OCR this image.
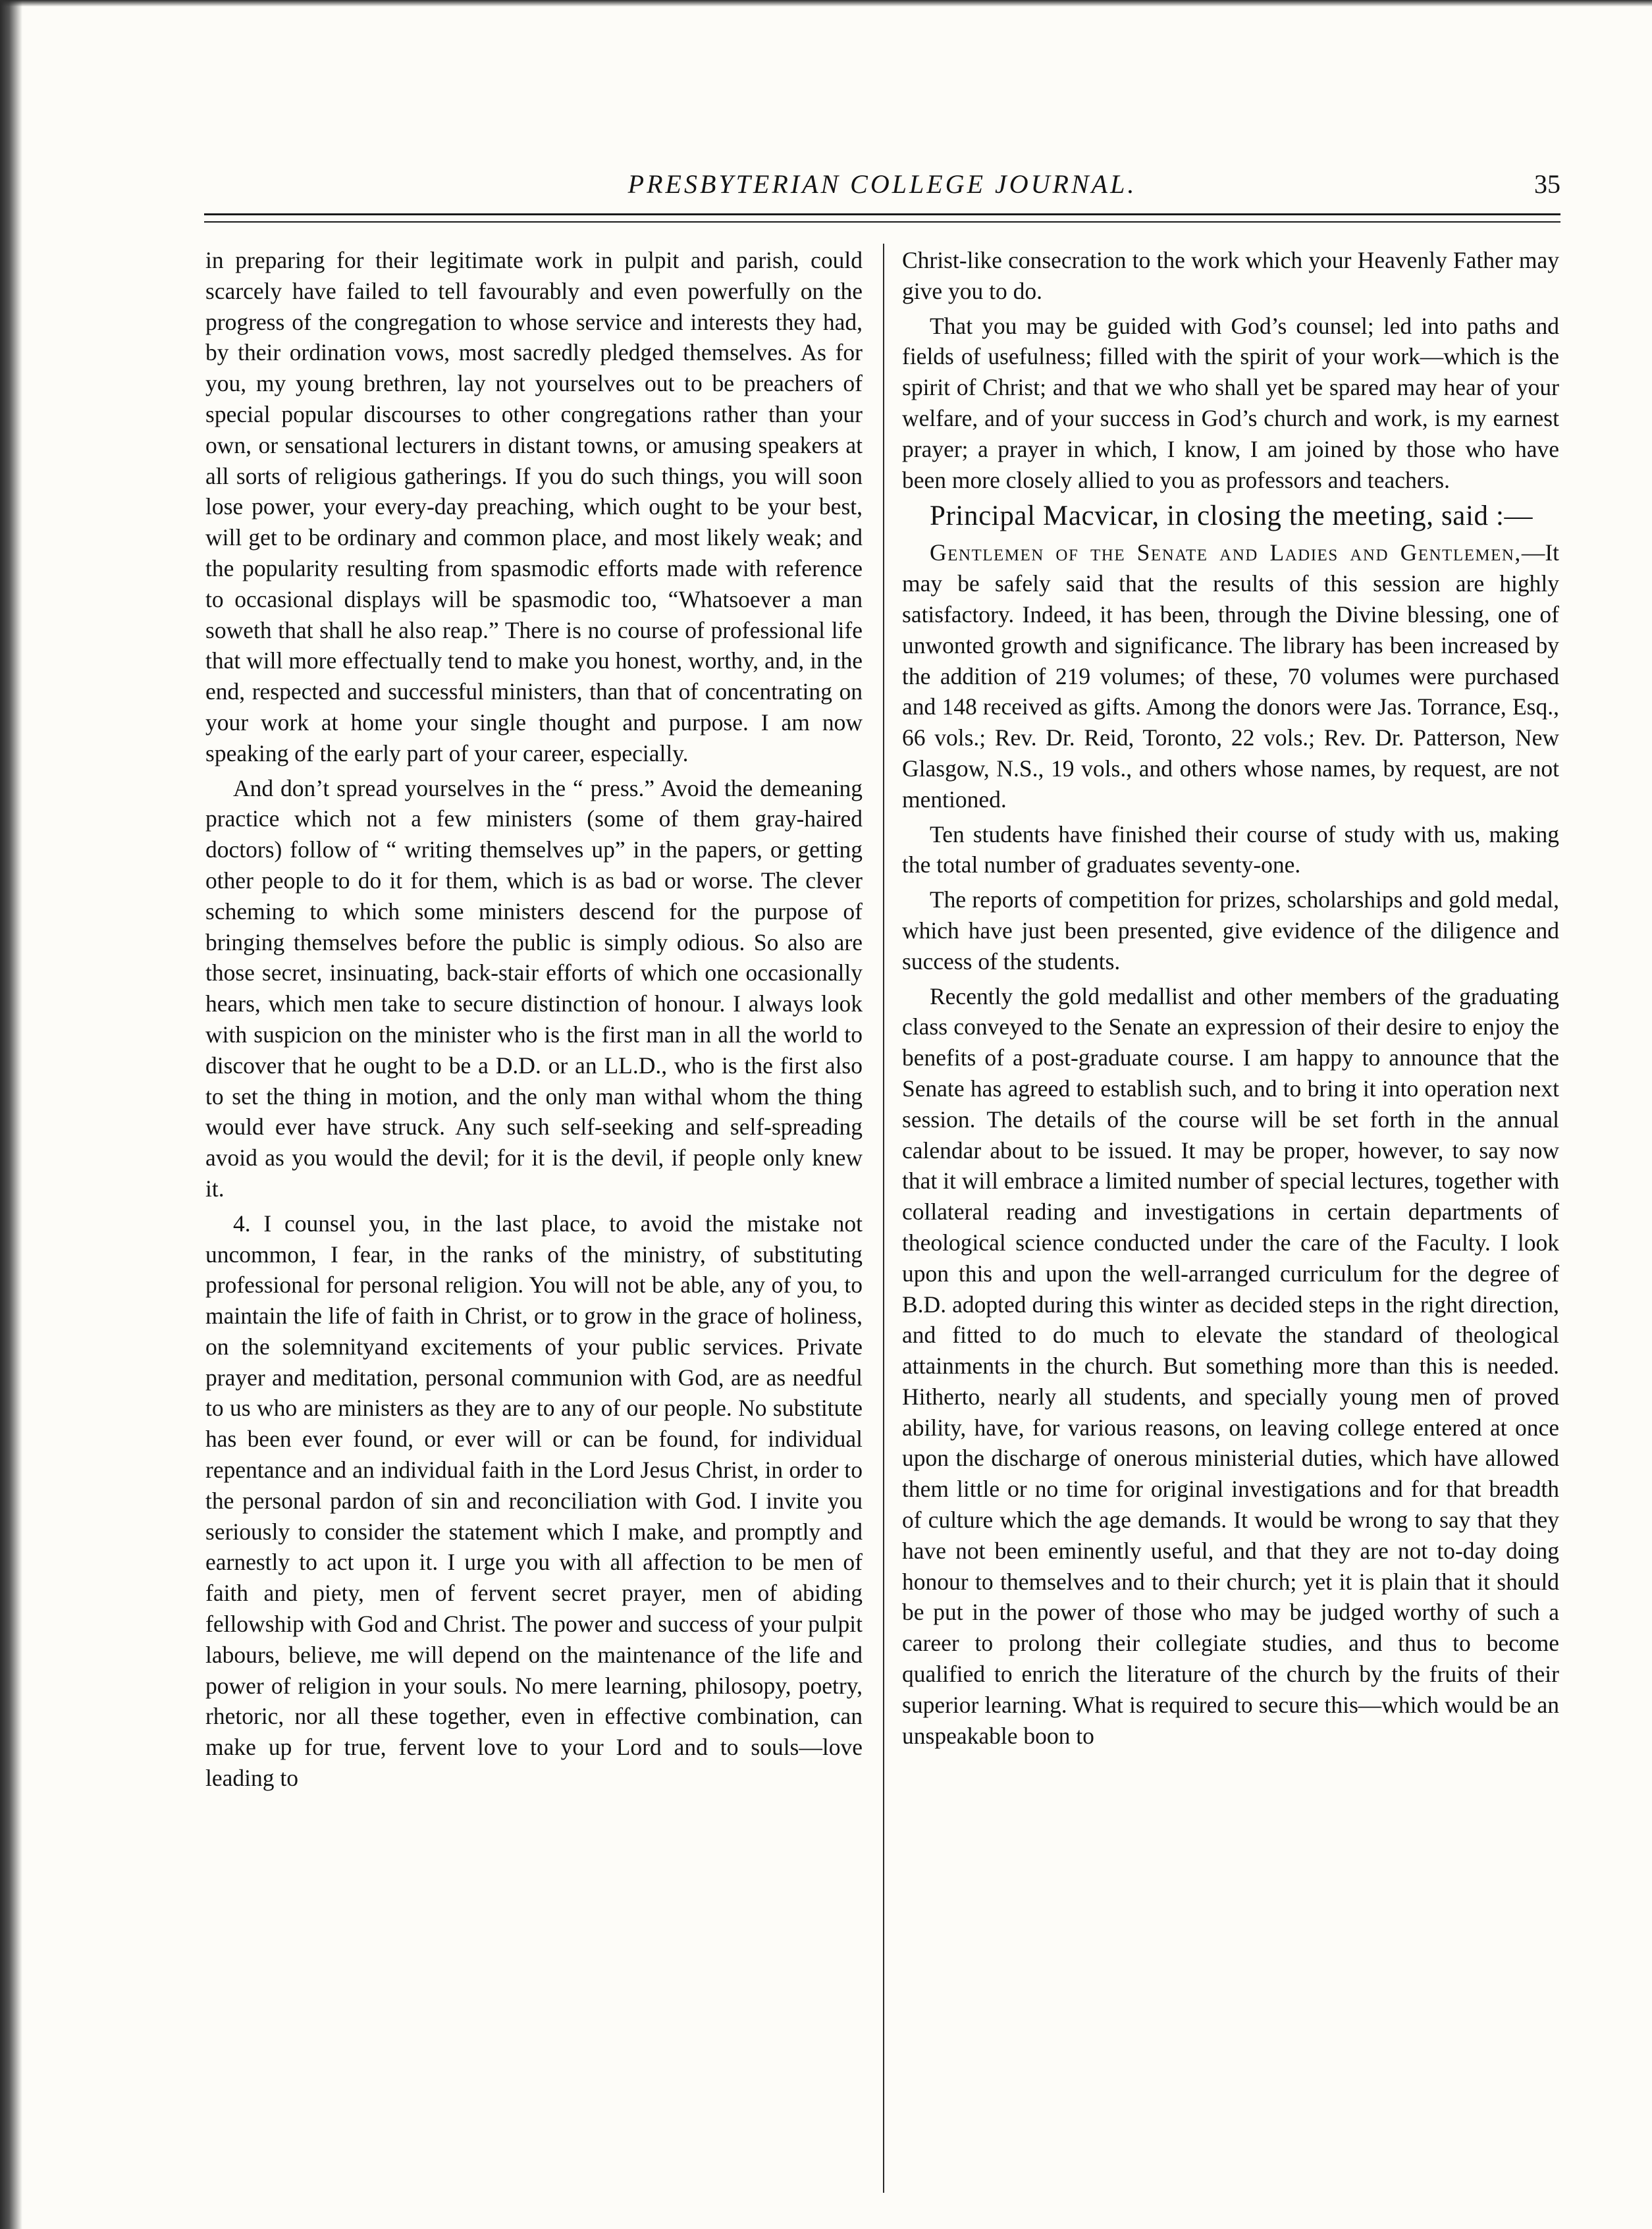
PRESBYTERIAN COLLEGE JOURNAL.	35

in preparing for their legitimate work in pulpit and parish, could scarcely have failed to tell favourably and even powerfully on the progress of the congregation to whose service and interests they had, by their ordination vows, most sacredly pledged themselves. As for you, my young brethren, lay not yourselves out to be preachers of special popular discourses to other congregations rather than your own, or sensational lecturers in distant towns, or amusing speakers at all sorts of religious gatherings. If you do such things, you will soon lose power, your every-day preaching, which ought to be your best, will get to be ordinary and common place, and most likely weak; and the popularity resulting from spasmodic efforts made with reference to occasional displays will be spasmodic too, “Whatsoever a man soweth that shall he also reap.” There is no course of professional life that will more effectually tend to make you honest, worthy, and, in the end, respected and successful ministers, than that of concentrating on your work at home your single thought and purpose. I am now speaking of the early part of your career, especially.

And don’t spread yourselves in the “ press.” Avoid the demeaning practice which not a few ministers (some of them gray-haired doctors) follow of “ writing themselves up” in the papers, or getting other people to do it for them, which is as bad or worse. The clever scheming to which some ministers descend for the purpose of bringing themselves before the public is simply odious. So also are those secret, insinuating, back-stair efforts of which one occasionally hears, which men take to secure distinction of honour. I always look with suspicion on the minister who is the first man in all the world to discover that he ought to be a D.D. or an LL.D., who is the first also to set the thing in motion, and the only man withal whom the thing would ever have struck. Any such self-seeking and self-spreading avoid as you would the devil; for it is the devil, if people only knew it.

4. I counsel you, in the last place, to avoid the mistake not uncommon, I fear, in the ranks of the ministry, of substituting professional for personal religion. You will not be able, any of you, to maintain the life of faith in Christ, or to grow in the grace of holiness, on the solemnityand excitements of your public services. Private prayer and meditation, personal communion with God, are as needful to us who are ministers as they are to any of our people. No substitute has been ever found, or ever will or can be found, for individual repentance and an individual faith in the Lord Jesus Christ, in order to the personal pardon of sin and reconciliation with God. I invite you seriously to consider the statement which I make, and promptly and earnestly to act upon it. I urge you with all affection to be men of faith and piety, men of fervent secret prayer, men of abiding fellowship with God and Christ. The power and success of your pulpit labours, believe, me will depend on the maintenance of the life and power of religion in your souls. No mere learning, philosopy, poetry, rhetoric, nor all these together, even in effective combination, can make up for true, fervent love to your Lord and to souls—love leading to

Christ-like consecration to the work which your Heavenly Father may give you to do.

That you may be guided with God’s counsel; led into paths and fields of usefulness; filled with the spirit of your work—which is the spirit of Christ; and that we who shall yet be spared may hear of your welfare, and of your success in God’s church and work, is my earnest prayer; a prayer in which, I know, I am joined by those who have been more closely allied to you as professors and teachers.

Principal Macvicar, in closing the meeting, said :—

Gentlemen of the Senate and Ladies and Gentlemen,—It may be safely said that the results of this session are highly satisfactory. Indeed, it has been, through the Divine blessing, one of unwonted growth and significance. The library has been increased by the addition of 219 volumes; of these, 70 volumes were purchased and 148 received as gifts. Among the donors were Jas. Torrance, Esq., 66 vols.; Rev. Dr. Reid, Toronto, 22 vols.; Rev. Dr. Patterson, New Glasgow, N.S., 19 vols., and others whose names, by request, are not mentioned.

Ten students have finished their course of study with us, making the total number of graduates seventy-one.

The reports of competition for prizes, scholarships and gold medal, which have just been presented, give evidence of the diligence and success of the students.

Recently the gold medallist and other members of the graduating class conveyed to the Senate an expression of their desire to enjoy the benefits of a post-graduate course. I am happy to announce that the Senate has agreed to establish such, and to bring it into operation next session. The details of the course will be set forth in the annual calendar about to be issued. It may be proper, however, to say now that it will embrace a limited number of special lectures, together with collateral reading and investigations in certain departments of theological science conducted under the care of the Faculty. I look upon this and upon the well-arranged curriculum for the degree of B.D. adopted during this winter as decided steps in the right direction, and fitted to do much to elevate the standard of theological attainments in the church. But something more than this is needed. Hitherto, nearly all students, and specially young men of proved ability, have, for various reasons, on leaving college entered at once upon the discharge of onerous ministerial duties, which have allowed them little or no time for original investigations and for that breadth of culture which the age demands. It would be wrong to say that they have not been eminently useful, and that they are not to-day doing honour to themselves and to their church; yet it is plain that it should be put in the power of those who may be judged worthy of such a career to prolong their collegiate studies, and thus to become qualified to enrich the literature of the church by the fruits of their superior learning. What is required to secure this—which would be an unspeakable boon to
